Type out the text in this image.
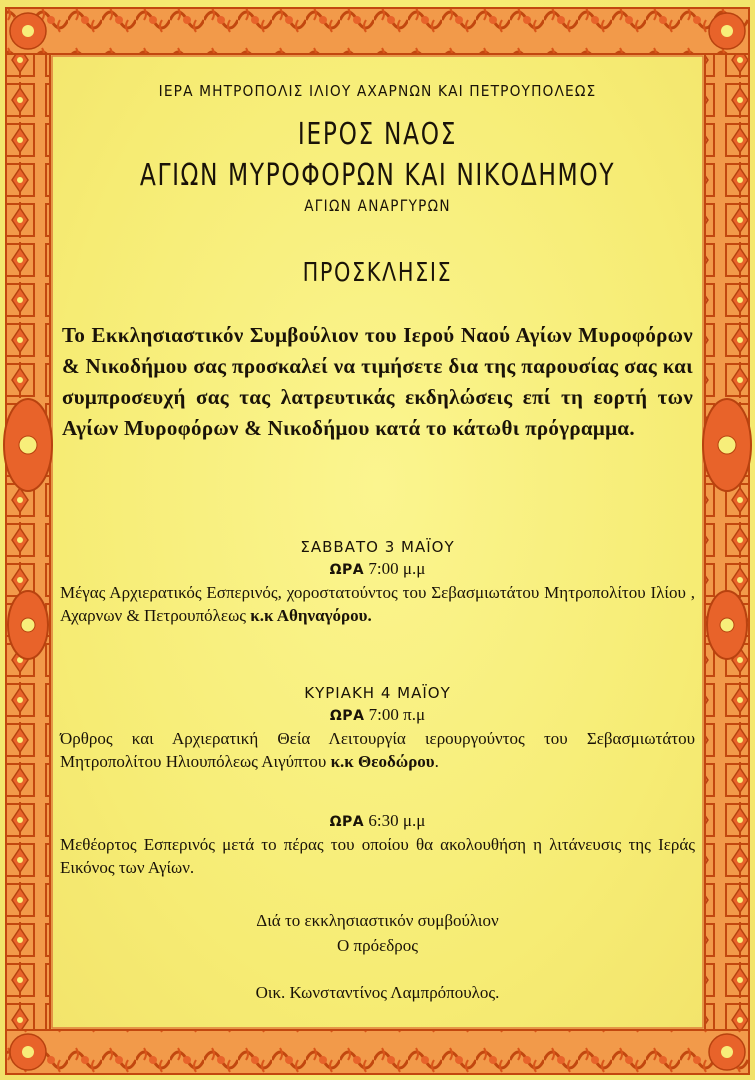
ΙΕΡΑ ΜΗΤΡΟΠΟΛΙΣ ΙΛΙΟΥ ΑΧΑΡΝΩΝ ΚΑΙ ΠΕΤΡΟΥΠΟΛΕΩΣ
ΙΕΡΟΣ ΝΑΟΣ
ΑΓΙΩΝ ΜΥΡΟΦΟΡΩΝ ΚΑΙ ΝΙΚΟΔΗΜΟΥ
ΑΓΙΩΝ ΑΝΑΡΓΥΡΩΝ
ΠΡΟΣΚΛΗΣΙΣ
Το Εκκλησιαστικόν Συμβούλιον του Ιερού Ναού Αγίων Μυροφόρων & Νικοδήμου σας προσκαλεί να τιμήσετε δια της παρουσίας σας και συμπροσευχή σας τας λατρευτικάς εκδηλώσεις επί τη εορτή των Αγίων Μυροφόρων & Νικοδήμου κατά το κάτωθι πρόγραμμα.
ΣΑΒΒΑΤΟ 3 ΜΑΪΟΥ
ΩΡΑ 7:00 μ.μ
Μέγας Αρχιερατικός Εσπερινός, χοροστατούντος του Σεβασμιωτάτου Μητροπολίτου Ιλίου , Αχαρνων & Πετρουπόλεως κ.κ Αθηναγόρου.
ΚΥΡΙΑΚΗ 4 ΜΑΪΟΥ
ΩΡΑ 7:00 π.μ
Όρθρος και Αρχιερατική Θεία Λειτουργία ιερουργούντος του Σεβασμιωτάτου Μητροπολίτου Ηλιουπόλεως Αιγύπτου κ.κ Θεοδώρου.
ΩΡΑ 6:30 μ.μ
Μεθέορτος Εσπερινός μετά το πέρας του οποίου θα ακολουθήση η λιτάνευσις της Ιεράς Εικόνος των Αγίων.
Διά το εκκλησιαστικόν συμβούλιον
Ο πρόεδρος
Οικ. Κωνσταντίνος Λαμπρόπουλος.
